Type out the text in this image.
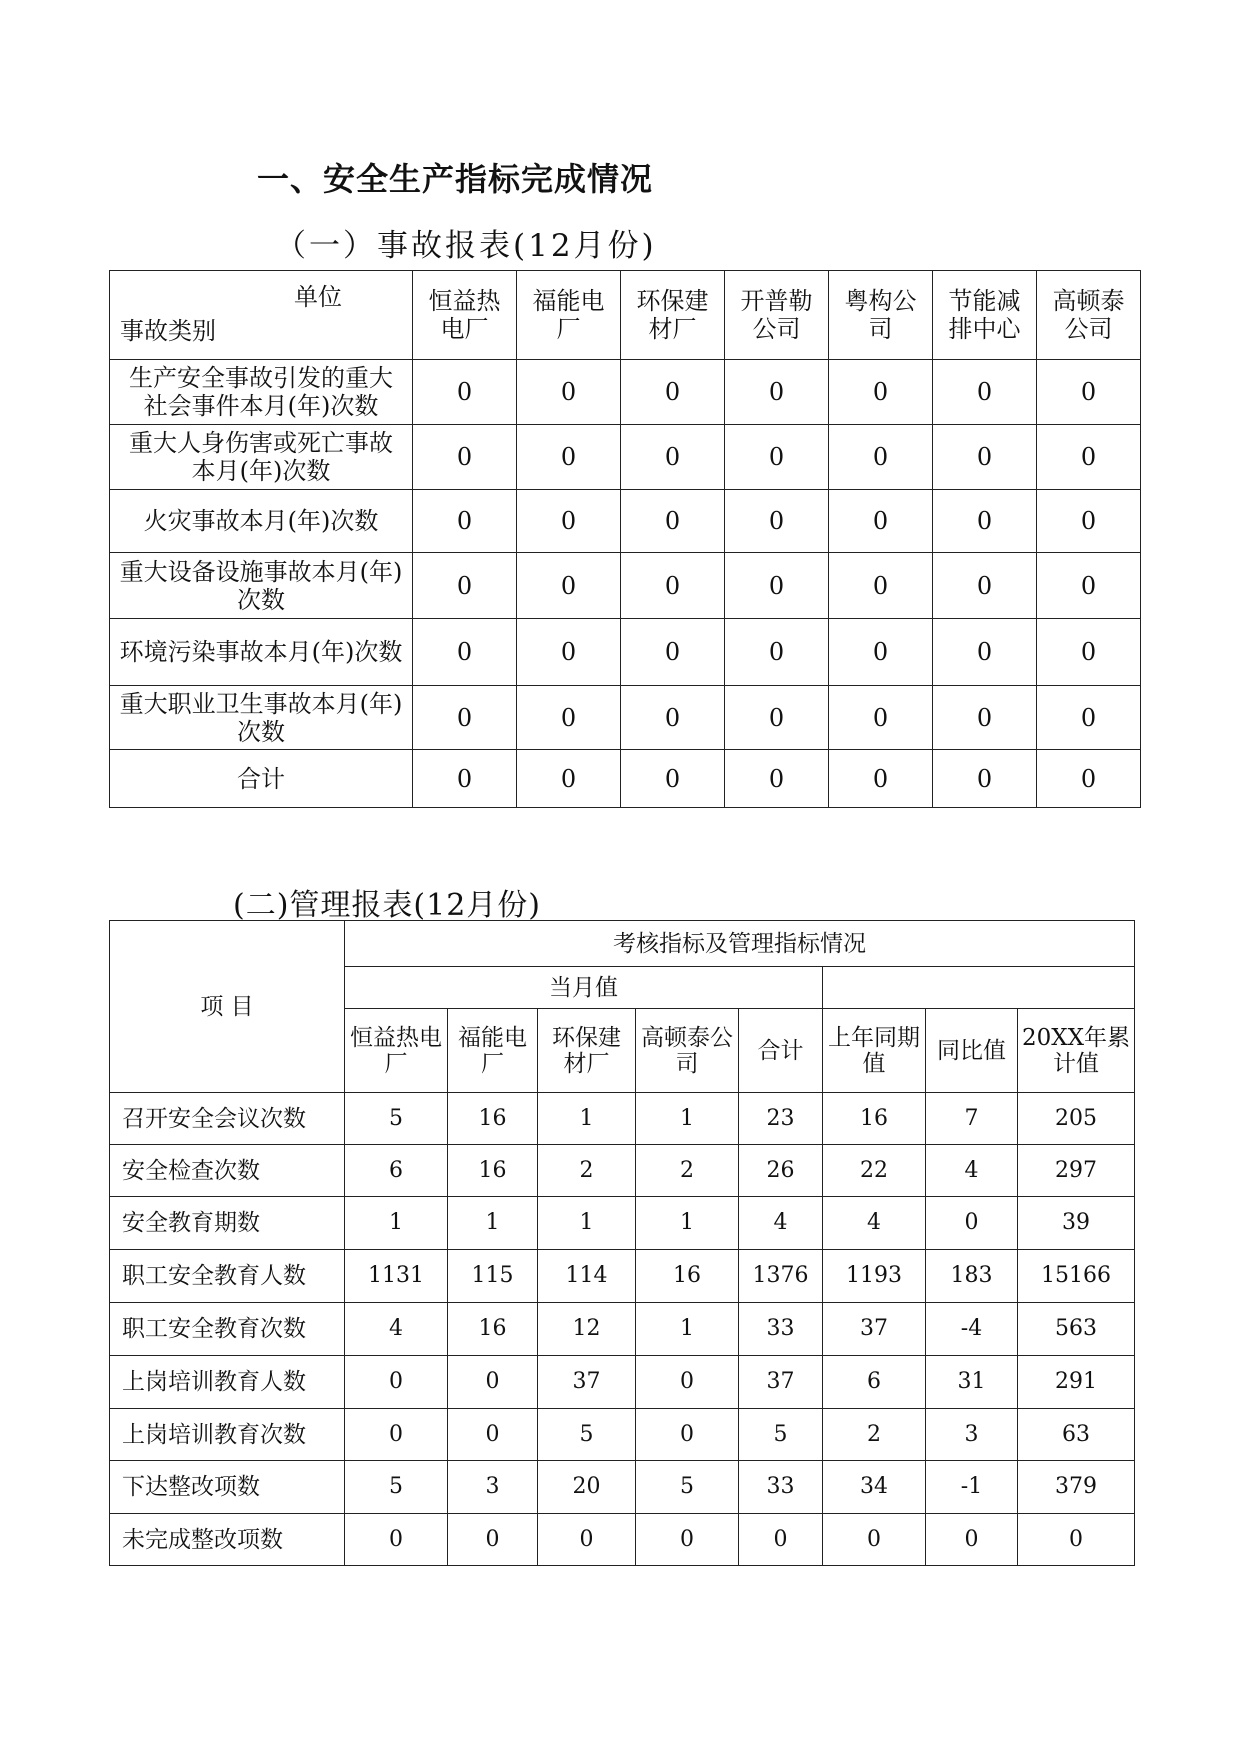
一、安全生产指标完成情况
（一）事故报表(12月份)
单位
事故类别	恒益热电厂	福能电厂	环保建材厂	开普勒公司	粤构公司	节能减排中心	高顿泰公司
生产安全事故引发的重大社会事件本月(年)次数	0	0	0	0	0	0	0
重大人身伤害或死亡事故本月(年)次数	0	0	0	0	0	0	0
火灾事故本月(年)次数	0	0	0	0	0	0	0
重大设备设施事故本月(年)次数	0	0	0	0	0	0	0
环境污染事故本月(年)次数	0	0	0	0	0	0	0
重大职业卫生事故本月(年)次数	0	0	0	0	0	0	0
合计	0	0	0	0	0	0	0
(二)管理报表(12月份)
项 目	考核指标及管理指标情况							
	当月值							
	恒益热电厂	福能电厂	环保建材厂	高顿泰公司	合计	上年同期值	同比值	20XX年累 计值
召开安全会议次数	5	16	1	1	23	16	7	205
安全检查次数	6	16	2	2	26	22	4	297
安全教育期数	1	1	1	1	4	4	0	39
职工安全教育人数	1131	115	114	16	1376	1193	183	15166
职工安全教育次数	4	16	12	1	33	37	-4	563
上岗培训教育人数	0	0	37	0	37	6	31	291
上岗培训教育次数	0	0	5	0	5	2	3	63
下达整改项数	5	3	20	5	33	34	-1	379
未完成整改项数	0	0	0	0	0	0	0	0
